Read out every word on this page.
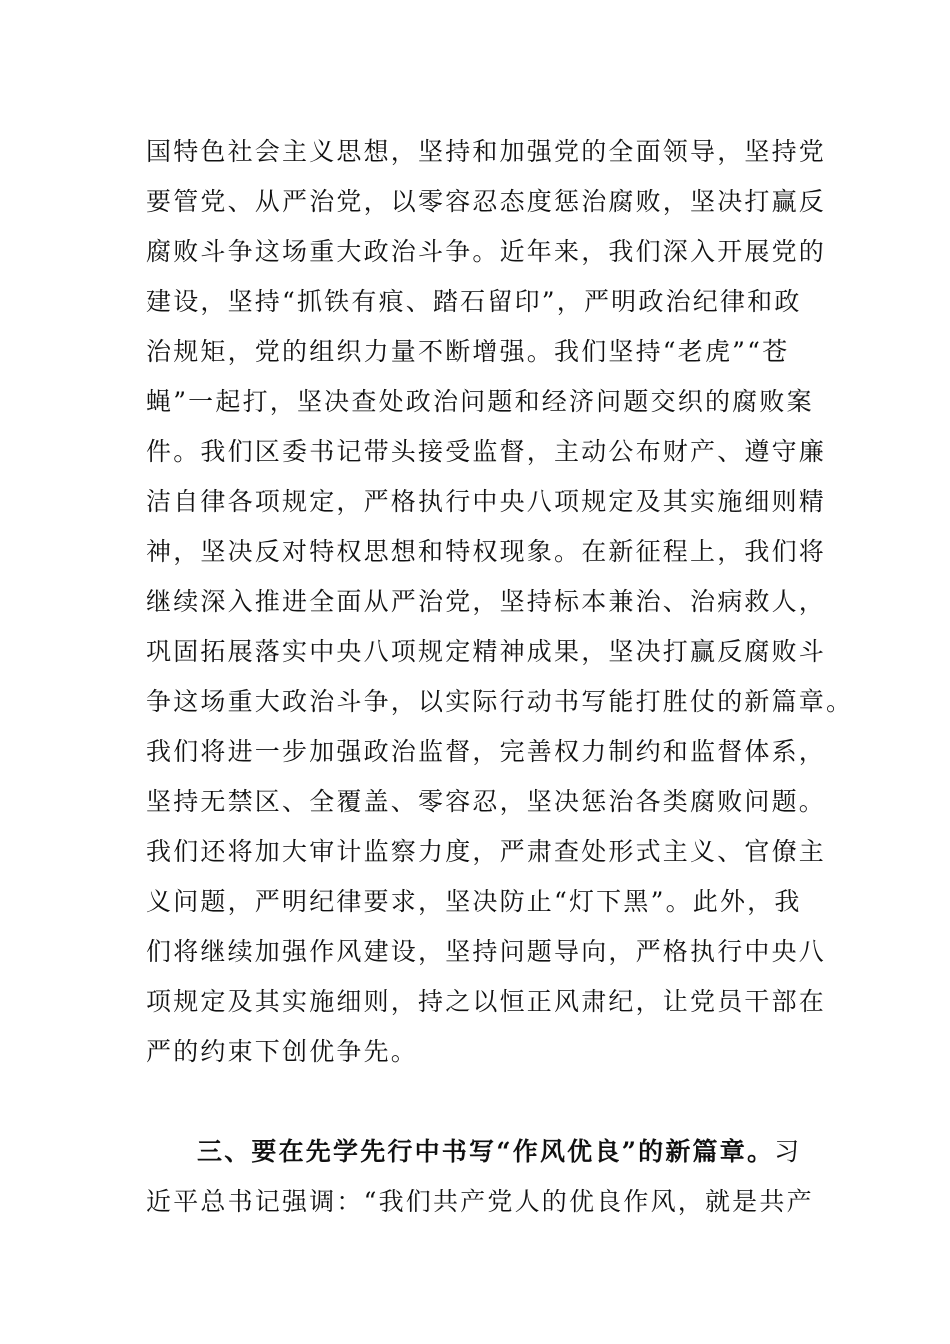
国特色社会主义思想，坚持和加强党的全面领导，坚持党
要管党、从严治党，以零容忍态度惩治腐败，坚决打赢反
腐败斗争这场重大政治斗争。近年来，我们深入开展党的
建设，坚持“抓铁有痕、踏石留印”，严明政治纪律和政
治规矩，党的组织力量不断增强。我们坚持“老虎”“苍
蝇”一起打，坚决查处政治问题和经济问题交织的腐败案
件。我们区委书记带头接受监督，主动公布财产、遵守廉
洁自律各项规定，严格执行中央八项规定及其实施细则精
神，坚决反对特权思想和特权现象。在新征程上，我们将
继续深入推进全面从严治党，坚持标本兼治、治病救人，
巩固拓展落实中央八项规定精神成果，坚决打赢反腐败斗
争这场重大政治斗争，以实际行动书写能打胜仗的新篇章。
我们将进一步加强政治监督，完善权力制约和监督体系，
坚持无禁区、全覆盖、零容忍，坚决惩治各类腐败问题。
我们还将加大审计监察力度，严肃查处形式主义、官僚主
义问题，严明纪律要求，坚决防止“灯下黑”。此外，我
们将继续加强作风建设，坚持问题导向，严格执行中央八
项规定及其实施细则，持之以恒正风肃纪，让党员干部在
严的约束下创优争先。
三、要在先学先行中书写“作风优良”的新篇章。习
近平总书记强调：“我们共产党人的优良作风，就是共产
